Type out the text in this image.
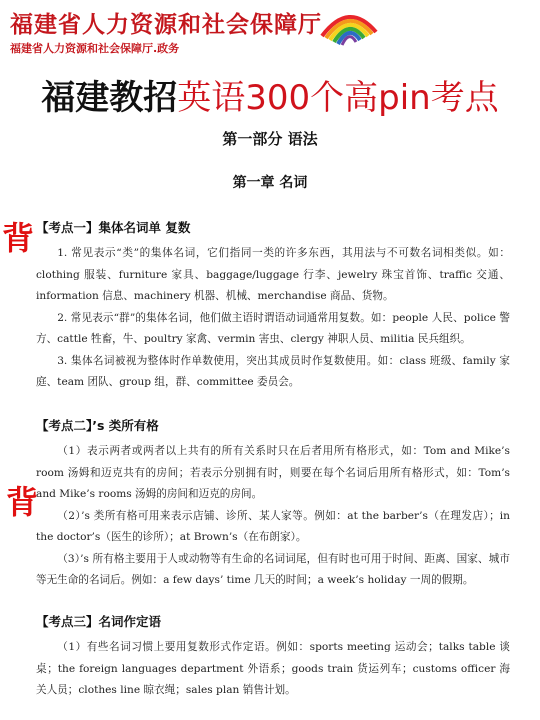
福建省人力资源和社会保障厅
福建省人力资源和社会保障厅.政务
福建教招英语300个高pin考点
第一部分 语法
第一章 名词
背
背
【考点一】集体名词单 复数

1. 常见表示“类”的集体名词，它们指同一类的许多东西，其用法与不可数名词相类似。如：clothing 服装、furniture 家具、baggage/luggage 行李、jewelry 珠宝首饰、traffic 交通、information 信息、machinery 机器、机械、merchandise 商品、货物。

2. 常见表示“群”的集体名词，他们做主语时谓语动词通常用复数。如：people 人民、police 警方、cattle 牲畜，牛、poultry 家禽、vermin 害虫、clergy 神职人员、militia 民兵组织。

3. 集体名词被视为整体时作单数使用，突出其成员时作复数使用。如：class 班级、family 家庭、team 团队、group 组，群、committee 委员会。

【考点二】’s 类所有格

（1）表示两者或两者以上共有的所有关系时只在后者用所有格形式，如：Tom and Mike’s room 汤姆和迈克共有的房间；若表示分别拥有时，则要在每个名词后用所有格形式，如：Tom’s and Mike’s rooms 汤姆的房间和迈克的房间。

（2）’s 类所有格可用来表示店铺、诊所、某人家等。例如：at the barber’s（在理发店）；in the doctor’s（医生的诊所）；at Brown’s（在布朗家）。

（3）’s 所有格主要用于人或动物等有生命的名词词尾，但有时也可用于时间、距离、国家、城市等无生命的名词后。例如：a few days’ time 几天的时间；a week’s holiday 一周的假期。

【考点三】名词作定语

（1）有些名词习惯上要用复数形式作定语。例如：sports meeting 运动会；talks table 谈桌；the foreign languages department 外语系；goods train 货运列车；customs officer 海关人员；clothes line 晾衣绳；sales plan 销售计划。
